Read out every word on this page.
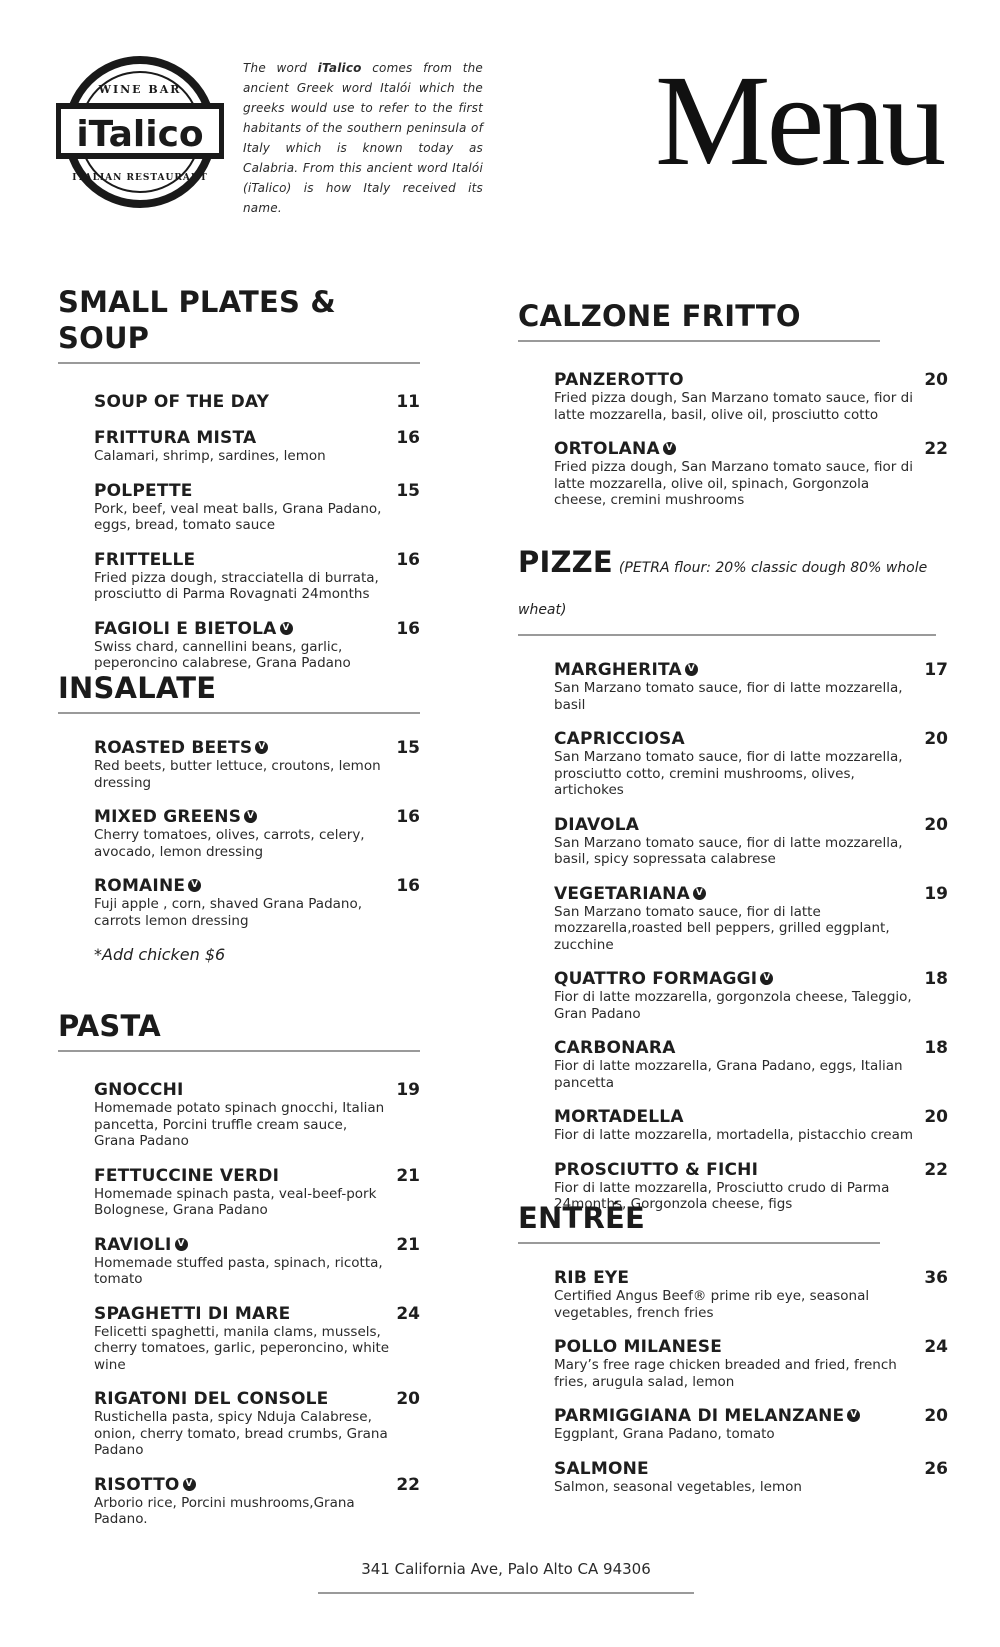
WINE BAR
iTalico
ITALIAN RESTAURANT

The word iTalico comes from the ancient Greek word Italói which the greeks would use to refer to the first habitants of the southern peninsula of Italy which is known today as Calabria. From this ancient word Italói (iTalico) is how Italy received its name.

Menu
SMALL PLATES & SOUP
SOUP OF THE DAY	11
FRITTURA MISTA	16
Calamari, shrimp, sardines, lemon
POLPETTE	15
Pork, beef, veal meat balls, Grana Padano, eggs, bread, tomato sauce
FRITTELLE	16
Fried pizza dough, stracciatella di burrata, prosciutto di Parma Rovagnati 24months
FAGIOLI E BIETOLA V	16
Swiss chard, cannellini beans, garlic, peperoncino calabrese, Grana Padano
INSALATE
ROASTED BEETS V	15
Red beets, butter lettuce, croutons, lemon dressing
MIXED GREENS V	16
Cherry tomatoes, olives, carrots, celery, avocado, lemon dressing
ROMAINE V	16
Fuji apple , corn, shaved Grana Padano, carrots lemon dressing
*Add chicken $6
PASTA
GNOCCHI	19
Homemade potato spinach gnocchi, Italian pancetta, Porcini truffle cream sauce, Grana Padano
FETTUCCINE VERDI	21
Homemade spinach pasta, veal-beef-pork Bolognese, Grana Padano
RAVIOLI V	21
Homemade stuffed pasta, spinach, ricotta, tomato
SPAGHETTI DI MARE	24
Felicetti spaghetti, manila clams, mussels, cherry tomatoes, garlic, peperoncino, white wine
RIGATONI DEL CONSOLE	20
Rustichella pasta, spicy Nduja Calabrese, onion, cherry tomato, bread crumbs, Grana Padano
RISOTTO V	22
Arborio rice, Porcini mushrooms,Grana Padano.
CALZONE FRITTO
PANZEROTTO	20
Fried pizza dough, San Marzano tomato sauce, fior di latte mozzarella, basil, olive oil, prosciutto cotto
ORTOLANA V	22
Fried pizza dough, San Marzano tomato sauce, fior di latte mozzarella, olive oil, spinach, Gorgonzola cheese, cremini mushrooms
PIZZE (PETRA flour: 20% classic dough 80% whole wheat)
MARGHERITA V	17
San Marzano tomato sauce, fior di latte mozzarella, basil
CAPRICCIOSA	20
San Marzano tomato sauce, fior di latte mozzarella, prosciutto cotto, cremini mushrooms, olives, artichokes
DIAVOLA	20
San Marzano tomato sauce, fior di latte mozzarella, basil, spicy sopressata calabrese
VEGETARIANA V	19
San Marzano tomato sauce, fior di latte mozzarella,roasted bell peppers, grilled eggplant, zucchine
QUATTRO FORMAGGI V	18
Fior di latte mozzarella, gorgonzola cheese, Taleggio, Gran Padano
CARBONARA	18
Fior di latte mozzarella, Grana Padano, eggs, Italian pancetta
MORTADELLA	20
Fior di latte mozzarella, mortadella, pistacchio cream
PROSCIUTTO & FICHI	22
Fior di latte mozzarella, Prosciutto crudo di Parma 24months, Gorgonzola cheese, figs
ENTRÉE
RIB EYE	36
Certified Angus Beef® prime rib eye, seasonal vegetables, french fries
POLLO MILANESE	24
Mary’s free rage chicken breaded and fried, french fries, arugula salad, lemon
PARMIGGIANA DI MELANZANE V	20
Eggplant, Grana Padano, tomato
SALMONE	26
Salmon, seasonal vegetables, lemon
341 California Ave, Palo Alto CA 94306
